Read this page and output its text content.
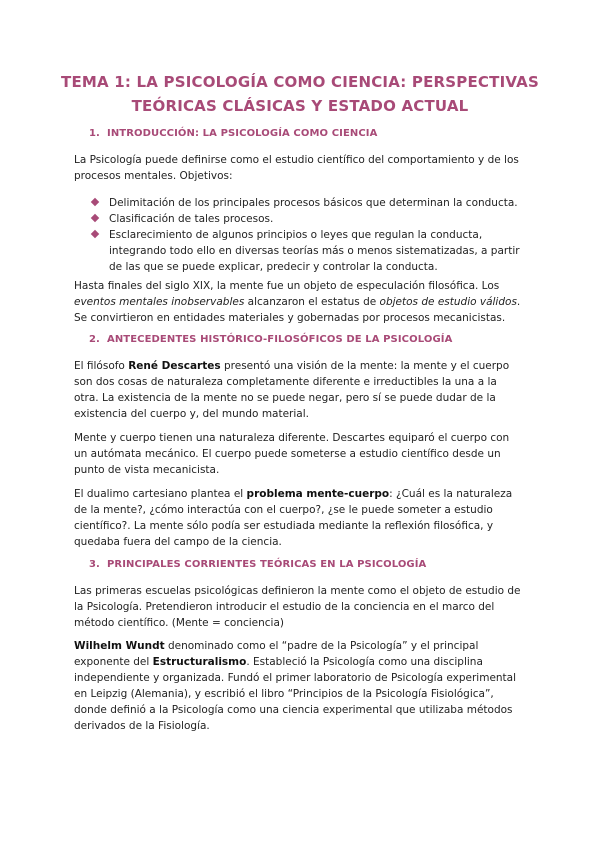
TEMA 1: LA PSICOLOGÍA COMO CIENCIA: PERSPECTIVAS
TEÓRICAS CLÁSICAS Y ESTADO ACTUAL
1. INTRODUCCIÓN: LA PSICOLOGÍA COMO CIENCIA

La Psicología puede definirse como el estudio científico del comportamiento y de los procesos mentales. Objetivos:

Delimitación de los principales procesos básicos que determinan la conducta.
Clasificación de tales procesos.
Esclarecimiento de algunos principios o leyes que regulan la conducta, integrando todo ello en diversas teorías más o menos sistematizadas, a partir de las que se puede explicar, predecir y controlar la conducta.

Hasta finales del siglo XIX, la mente fue un objeto de especulación filosófica. Los eventos mentales inobservables alcanzaron el estatus de objetos de estudio válidos. Se convirtieron en entidades materiales y gobernadas por procesos mecanicistas.

2. ANTECEDENTES HISTÓRICO-FILOSÓFICOS DE LA PSICOLOGÍA

El filósofo René Descartes presentó una visión de la mente: la mente y el cuerpo son dos cosas de naturaleza completamente diferente e irreductibles la una a la otra. La existencia de la mente no se puede negar, pero sí se puede dudar de la existencia del cuerpo y, del mundo material.

Mente y cuerpo tienen una naturaleza diferente. Descartes equiparó el cuerpo con un autómata mecánico. El cuerpo puede someterse a estudio científico desde un punto de vista mecanicista.

El dualimo cartesiano plantea el problema mente-cuerpo: ¿Cuál es la naturaleza de la mente?, ¿cómo interactúa con el cuerpo?, ¿se le puede someter a estudio científico?. La mente sólo podía ser estudiada mediante la reflexión filosófica, y quedaba fuera del campo de la ciencia.

3. PRINCIPALES CORRIENTES TEÓRICAS EN LA PSICOLOGÍA

Las primeras escuelas psicológicas definieron la mente como el objeto de estudio de la Psicología. Pretendieron introducir el estudio de la conciencia en el marco del método científico. (Mente = conciencia)

Wilhelm Wundt denominado como el “padre de la Psicología” y el principal exponente del Estructuralismo. Estableció la Psicología como una disciplina independiente y organizada. Fundó el primer laboratorio de Psicología experimental en Leipzig (Alemania), y escribió el libro “Principios de la Psicología Fisiológica”, donde definió a la Psicología como una ciencia experimental que utilizaba métodos derivados de la Fisiología.
